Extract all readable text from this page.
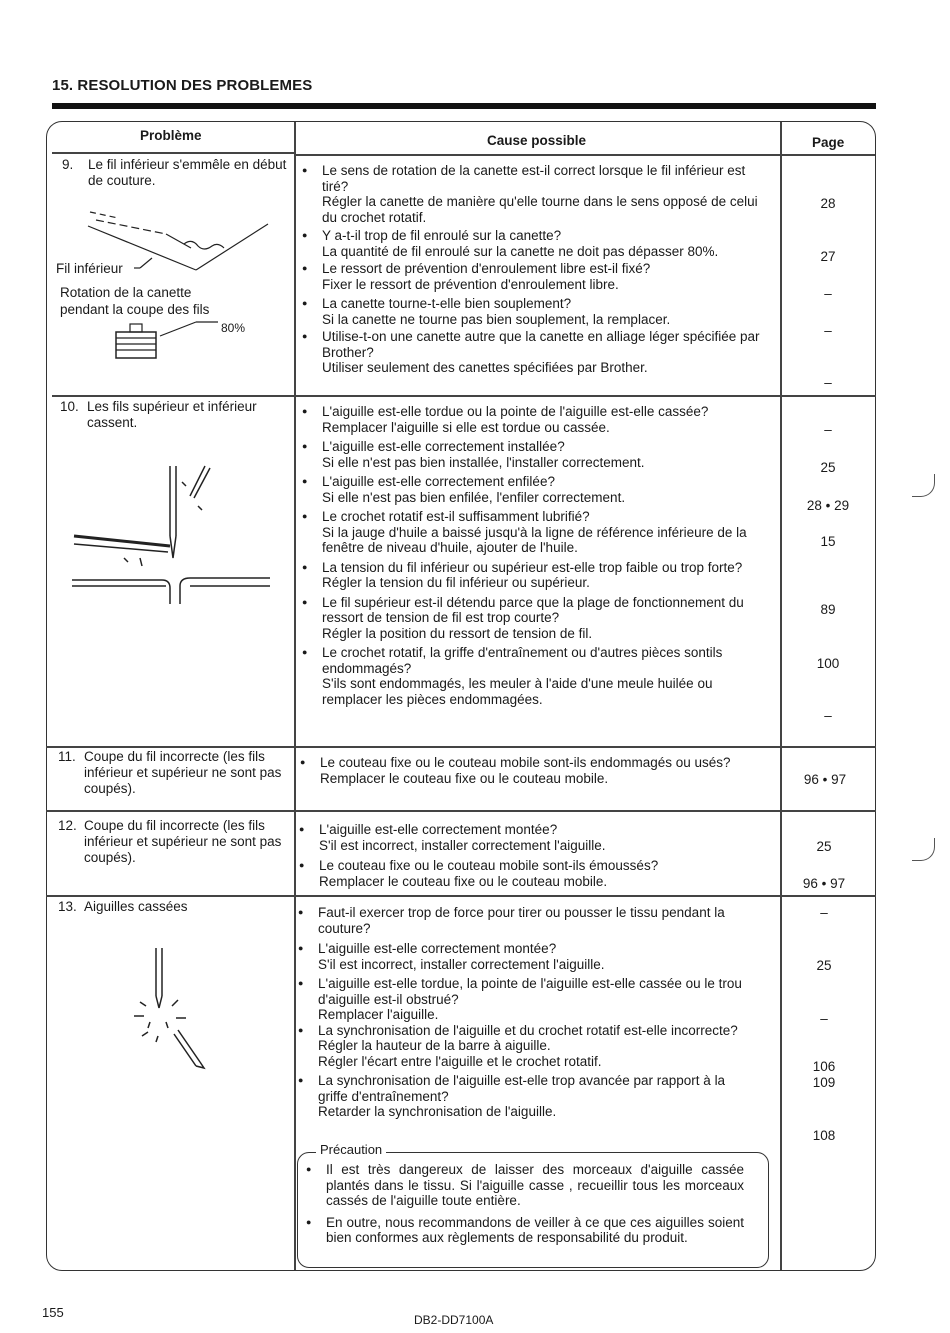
15. RESOLUTION DES PROBLEMES
Problème	Cause possible	Page
9. Le fil inférieur s'emmêle en début de couture.
Fil inférieur
Rotation de la canette
pendant la coupe des fils
80%
● Le sens de rotation de la canette est-il correct lorsque le fil inférieur est tiré?
Régler la canette de manière qu'elle tourne dans le sens opposé de celui du crochet rotatif.
● Y a-t-il trop de fil enroulé sur la canette?
La quantité de fil enroulé sur la canette ne doit pas dépasser 80%.
● Le ressort de prévention d'enroulement libre est-il fixé?
Fixer le ressort de prévention d'enroulement libre.
● La canette tourne-t-elle bien souplement?
Si la canette ne tourne pas bien souplement, la remplacer.
● Utilise-t-on une canette autre que la canette en alliage léger spécifiée par Brother?
Utiliser seulement des canettes spécifiées par Brother.
28
27
–
–
–
10. Les fils supérieur et inférieur cassent.
● L'aiguille est-elle tordue ou la pointe de l'aiguille est-elle cassée?
Remplacer l'aiguille si elle est tordue ou cassée.
● L'aiguille est-elle correctement installée?
Si elle n'est pas bien installée, l'installer correctement.
● L'aiguille est-elle correctement enfilée?
Si elle n'est pas bien enfilée, l'enfiler correctement.
● Le crochet rotatif est-il suffisamment lubrifié?
Si la jauge d'huile a baissé jusqu'à la ligne de référence inférieure de la fenêtre de niveau d'huile, ajouter de l'huile.
● La tension du fil inférieur ou supérieur est-elle trop faible ou trop forte?
Régler la tension du fil inférieur ou supérieur.
● Le fil supérieur est-il détendu parce que la plage de fonctionnement du ressort de tension de fil est trop courte?
Régler la position du ressort de tension de fil.
● Le crochet rotatif, la griffe d'entraînement ou d'autres pièces sontils endommagés?
S'ils sont endommagés, les meuler à l'aide d'une meule huilée ou remplacer les pièces endommagées.
–
25
28 • 29
15
89
100
–
11. Coupe du fil incorrecte (les fils inférieur et supérieur ne sont pas coupés).
● Le couteau fixe ou le couteau mobile sont-ils endommagés ou usés?
Remplacer le couteau fixe ou le couteau mobile.	96 • 97
12. Coupe du fil incorrecte (les fils inférieur et supérieur ne sont pas coupés).
● L'aiguille est-elle correctement montée?
S'il est incorrect, installer correctement l'aiguille.
● Le couteau fixe ou le couteau mobile sont-ils émoussés?
Remplacer le couteau fixe ou le couteau mobile.
25
96 • 97
13. Aiguilles cassées
●	Faut-il exercer trop de force pour tirer ou pousser le tissu pendant la couture?
● L'aiguille est-elle correctement montée?
S'il est incorrect, installer correctement l'aiguille.
● L'aiguille est-elle tordue, la pointe de l'aiguille est-elle cassée ou le trou d'aiguille est-il obstrué?
Remplacer l'aiguille.
● La synchronisation de l'aiguille et du crochet rotatif est-elle incorrecte?
Régler la hauteur de la barre à aiguille.
Régler l'écart entre l'aiguille et le crochet rotatif.
● La synchronisation de l'aiguille est-elle trop avancée par rapport à la griffe d'entraînement?
Retarder la synchronisation de l'aiguille.
–
25
–
106
109
108
Précaution
● Il est très dangereux de laisser des morceaux d'aiguille cassée plantés dans le tissu. Si l'aiguille casse , recueillir tous les morceaux cassés de l'aiguille toute entière.
● En outre, nous recommandons de veiller à ce que ces aiguilles soient bien conformes aux règlements de responsabilité du produit.
155	DB2-DD7100A
